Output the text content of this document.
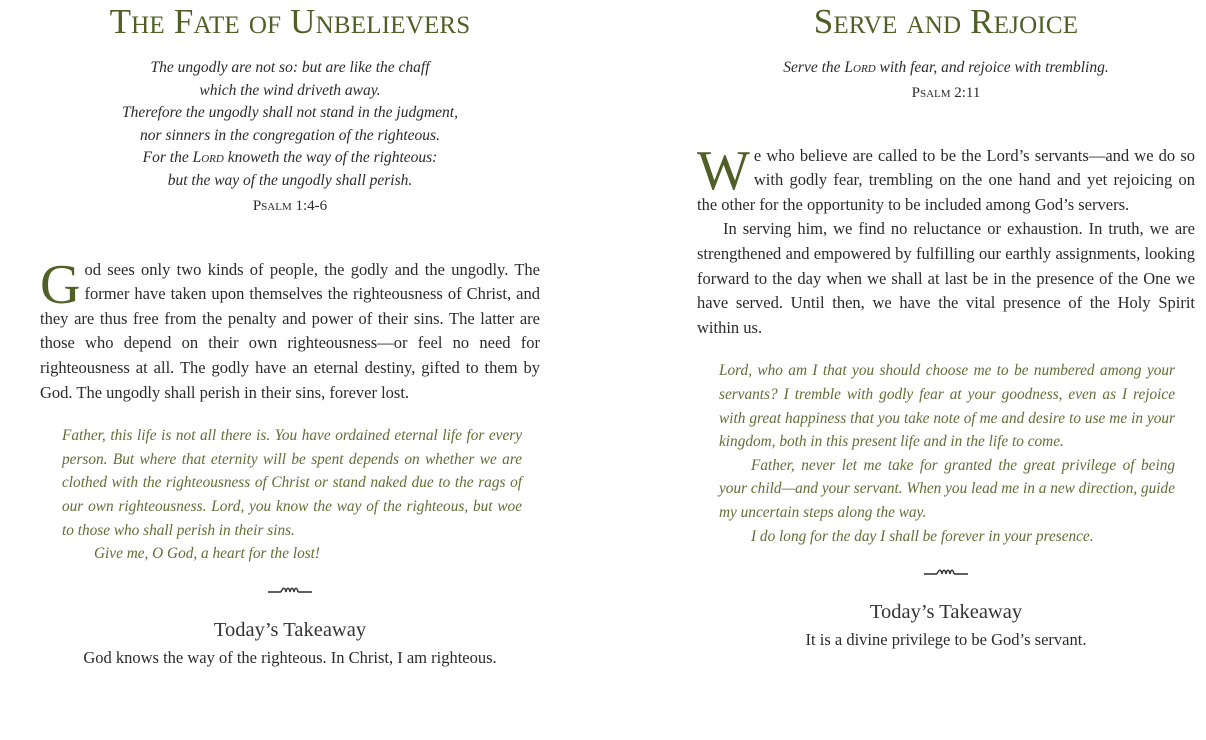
The Fate of Unbelievers
The ungodly are not so: but are like the chaff
which the wind driveth away.
Therefore the ungodly shall not stand in the judgment,
nor sinners in the congregation of the righteous.
For the Lord knoweth the way of the righteous:
but the way of the ungodly shall perish.
Psalm 1:4-6

God sees only two kinds of people, the godly and the ungodly. The former have taken upon themselves the righteousness of Christ, and they are thus free from the penalty and power of their sins. The latter are those who depend on their own righteousness—or feel no need for righteousness at all. The godly have an eternal destiny, gifted to them by God. The ungodly shall perish in their sins, forever lost.

Father, this life is not all there is. You have ordained eternal life for every person. But where that eternity will be spent depends on whether we are clothed with the righteousness of Christ or stand naked due to the rags of our own righteousness. Lord, you know the way of the righteous, but woe to those who shall perish in their sins.

Give me, O God, a heart for the lost!

Today’s Takeaway
God knows the way of the righteous. In Christ, I am righteous.
Serve and Rejoice
Serve the Lord with fear, and rejoice with trembling.
Psalm 2:11

We who believe are called to be the Lord’s servants—and we do so with godly fear, trembling on the one hand and yet rejoicing on the other for the opportunity to be included among God’s servers.

In serving him, we find no reluctance or exhaustion. In truth, we are strengthened and empowered by fulfilling our earthly assignments, looking forward to the day when we shall at last be in the presence of the One we have served. Until then, we have the vital presence of the Holy Spirit within us.

Lord, who am I that you should choose me to be numbered among your servants? I tremble with godly fear at your goodness, even as I rejoice with great happiness that you take note of me and desire to use me in your kingdom, both in this present life and in the life to come.

Father, never let me take for granted the great privilege of being your child—and your servant. When you lead me in a new direction, guide my uncertain steps along the way.

I do long for the day I shall be forever in your presence.

Today’s Takeaway
It is a divine privilege to be God’s servant.
